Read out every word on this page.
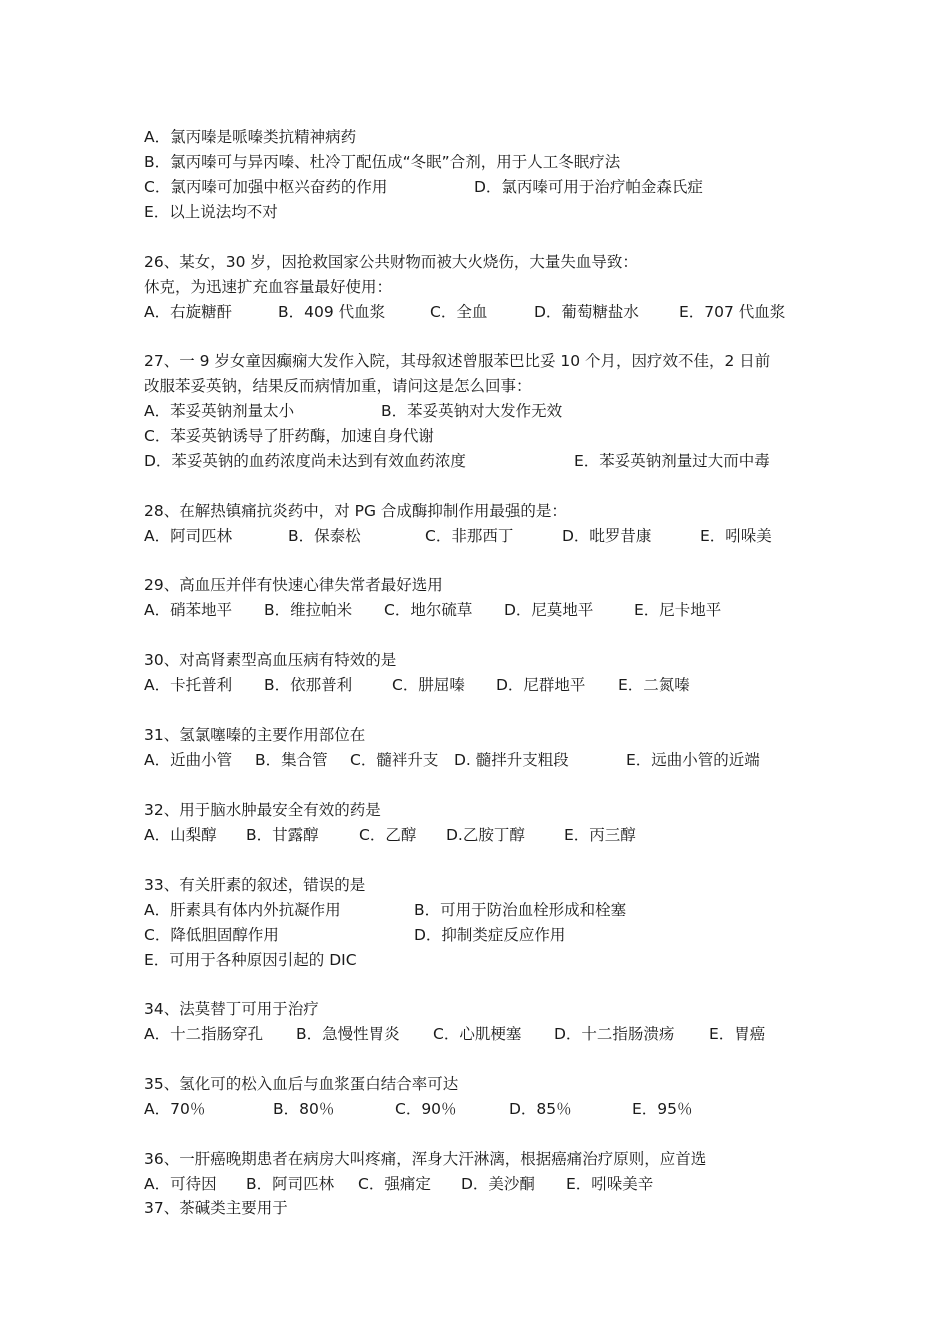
A．氯丙嗪是哌嗪类抗精神病药
B．氯丙嗪可与异丙嗪、杜冷丁配伍成“冬眠”合剂，用于人工冬眠疗法
C．氯丙嗪可加强中枢兴奋药的作用	D．氯丙嗪可用于治疗帕金森氏症
E．以上说法均不对
26、某女，30 岁，因抢救国家公共财物而被大火烧伤，大量失血导致：
休克，为迅速扩充血容量最好使用：
A．右旋糖酐	B．409 代血浆	C．全血	D．葡萄糖盐水	E．707 代血浆
27、一 9 岁女童因癫痫大发作入院，其母叙述曾服苯巴比妥 10 个月，因疗效不佳，2 日前
改服苯妥英钠，结果反而病情加重，请问这是怎么回事：
A．苯妥英钠剂量太小	B．苯妥英钠对大发作无效
C．苯妥英钠诱导了肝药酶，加速自身代谢
D．苯妥英钠的血药浓度尚未达到有效血药浓度	E．苯妥英钠剂量过大而中毒
28、在解热镇痛抗炎药中，对 PG 合成酶抑制作用最强的是：
A．阿司匹林	B．保泰松	C．非那西丁	D．吡罗昔康	E．吲哚美
29、高血压并伴有快速心律失常者最好选用
A．硝苯地平 B．维拉帕米 C．地尔硫草 D．尼莫地平	E．尼卡地平
30、对高肾素型高血压病有特效的是
A．卡托普利 B．依那普利	C．肼屈嗪 D．尼群地平 E．二氮嗪
31、氢氯噻嗪的主要作用部位在
A．近曲小管 B．集合管 C．髓袢升支 D. 髓拌升支粗段	E．远曲小管的近端
32、用于脑水肿最安全有效的药是
A．山梨醇 B．甘露醇	C．乙醇 D.乙胺丁醇	E．丙三醇
33、有关肝素的叙述，错误的是
A．肝素具有体内外抗凝作用	B．可用于防治血栓形成和栓塞
C．降低胆固醇作用	D．抑制类症反应作用
E．可用于各种原因引起的 DIC
34、法莫替丁可用于治疗
A．十二指肠穿孔 B．急慢性胃炎 C．心肌梗塞 D．十二指肠溃疡 E．胃癌
35、氢化可的松入血后与血浆蛋白结合率可达
A．70％	B．80％	C．90％	D．85％	E．95％
36、一肝癌晚期患者在病房大叫疼痛，浑身大汗淋漓，根据癌痛治疗原则，应首选
A．可待因 B．阿司匹林 C．强痛定 D．美沙酮 E．吲哚美辛
37、茶碱类主要用于
